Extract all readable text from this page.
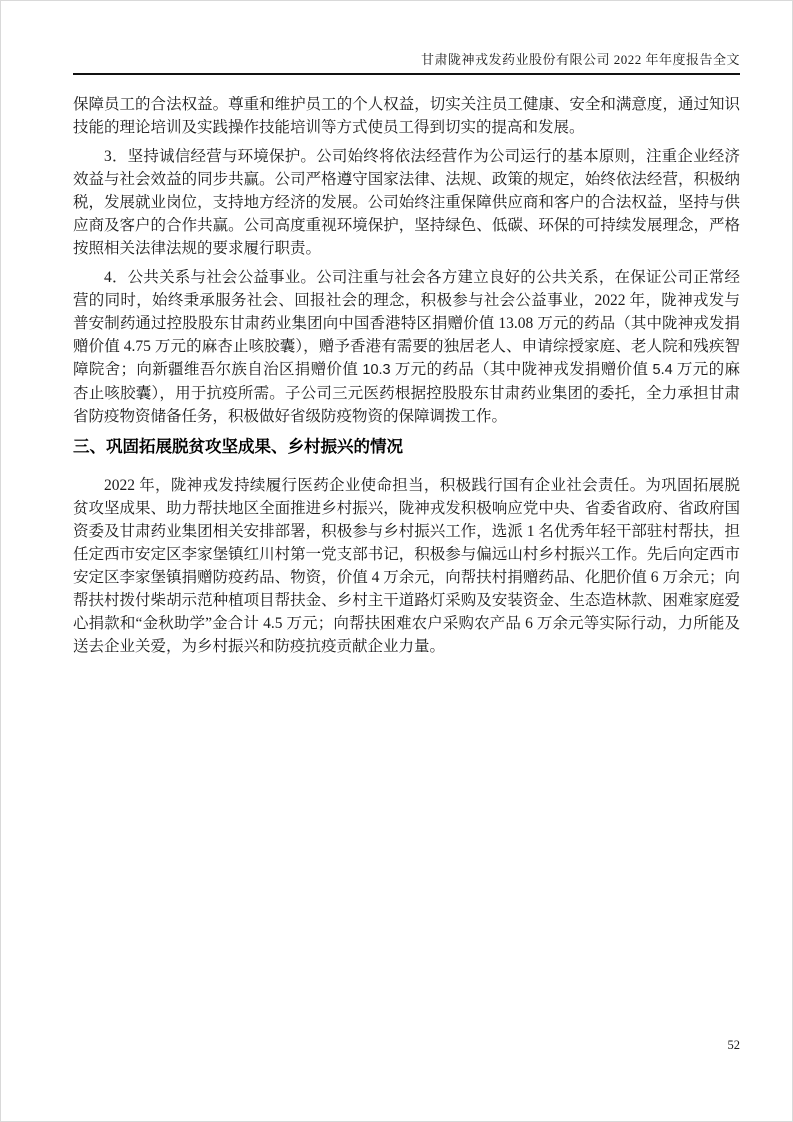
甘肃陇神戎发药业股份有限公司 2022 年年度报告全文

保障员工的合法权益。尊重和维护员工的个人权益，切实关注员工健康、安全和满意度，通过知识技能的理论培训及实践操作技能培训等方式使员工得到切实的提高和发展。

3．坚持诚信经营与环境保护。公司始终将依法经营作为公司运行的基本原则，注重企业经济效益与社会效益的同步共赢。公司严格遵守国家法律、法规、政策的规定，始终依法经营，积极纳税，发展就业岗位，支持地方经济的发展。公司始终注重保障供应商和客户的合法权益，坚持与供应商及客户的合作共赢。公司高度重视环境保护，坚持绿色、低碳、环保的可持续发展理念，严格按照相关法律法规的要求履行职责。

4．公共关系与社会公益事业。公司注重与社会各方建立良好的公共关系，在保证公司正常经营的同时，始终秉承服务社会、回报社会的理念，积极参与社会公益事业，2022 年，陇神戎发与普安制药通过控股股东甘肃药业集团向中国香港特区捐赠价值 13.08 万元的药品（其中陇神戎发捐赠价值 4.75 万元的麻杏止咳胶囊），赠予香港有需要的独居老人、申请综授家庭、老人院和残疾智障院舍；向新疆维吾尔族自治区捐赠价值 10.3 万元的药品（其中陇神戎发捐赠价值 5.4 万元的麻杏止咳胶囊），用于抗疫所需。子公司三元医药根据控股股东甘肃药业集团的委托，全力承担甘肃省防疫物资储备任务，积极做好省级防疫物资的保障调拨工作。

三、巩固拓展脱贫攻坚成果、乡村振兴的情况

2022 年，陇神戎发持续履行医药企业使命担当，积极践行国有企业社会责任。为巩固拓展脱贫攻坚成果、助力帮扶地区全面推进乡村振兴，陇神戎发积极响应党中央、省委省政府、省政府国资委及甘肃药业集团相关安排部署，积极参与乡村振兴工作，选派 1 名优秀年轻干部驻村帮扶，担任定西市安定区李家堡镇红川村第一党支部书记，积极参与偏远山村乡村振兴工作。先后向定西市安定区李家堡镇捐赠防疫药品、物资，价值 4 万余元，向帮扶村捐赠药品、化肥价值 6 万余元；向帮扶村拨付柴胡示范种植项目帮扶金、乡村主干道路灯采购及安装资金、生态造林款、困难家庭爱心捐款和“金秋助学”金合计 4.5 万元；向帮扶困难农户采购农产品 6 万余元等实际行动，力所能及送去企业关爱，为乡村振兴和防疫抗疫贡献企业力量。

52
